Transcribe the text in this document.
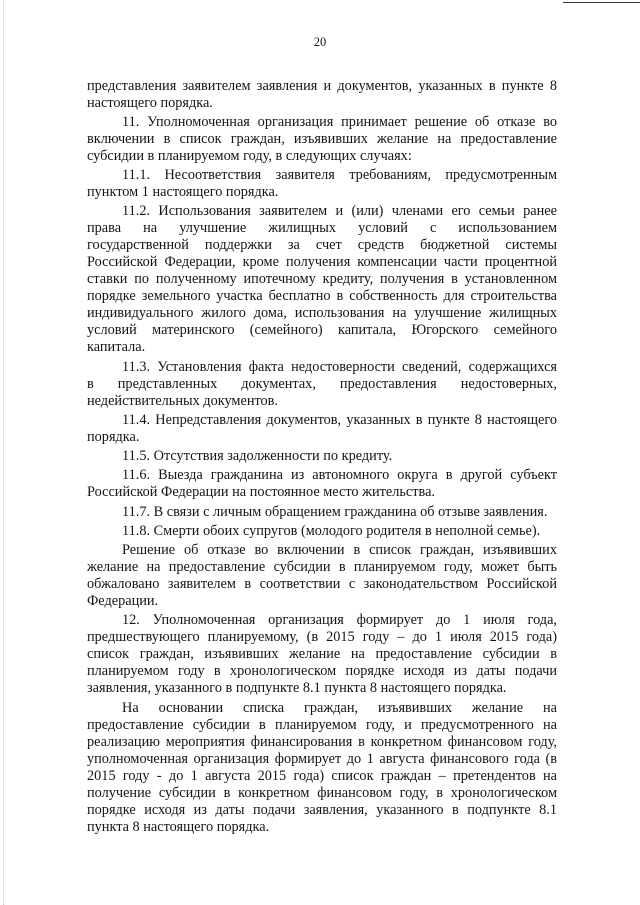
20
представления заявителем заявления и документов, указанных в пункте 8
настоящего порядка.
11. Уполномоченная организация принимает решение об отказе во
включении в список граждан, изъявивших желание на предоставление
субсидии в планируемом году, в следующих случаях:
11.1. Несоответствия заявителя требованиям, предусмотренным
пунктом 1 настоящего порядка.
11.2. Использования заявителем и (или) членами его семьи ранее
права на улучшение жилищных условий с использованием
государственной поддержки за счет средств бюджетной системы
Российской Федерации, кроме получения компенсации части процентной
ставки по полученному ипотечному кредиту, получения в установленном
порядке земельного участка бесплатно в собственность для строительства
индивидуального жилого дома, использования на улучшение жилищных
условий материнского (семейного) капитала, Югорского семейного
капитала.
11.3. Установления факта недостоверности сведений, содержащихся
в представленных документах, предоставления недостоверных,
недействительных документов.
11.4. Непредставления документов, указанных в пункте 8 настоящего
порядка.
11.5. Отсутствия задолженности по кредиту.
11.6. Выезда гражданина из автономного округа в другой субъект
Российской Федерации на постоянное место жительства.
11.7. В связи с личным обращением гражданина об отзыве заявления.
11.8. Смерти обоих супругов (молодого родителя в неполной семье).
Решение об отказе во включении в список граждан, изъявивших
желание на предоставление субсидии в планируемом году, может быть
обжаловано заявителем в соответствии с законодательством Российской
Федерации.
12. Уполномоченная организация формирует до 1 июля года,
предшествующего планируемому, (в 2015 году – до 1 июля 2015 года)
список граждан, изъявивших желание на предоставление субсидии в
планируемом году в хронологическом порядке исходя из даты подачи
заявления, указанного в подпункте 8.1 пункта 8 настоящего порядка.
На основании списка граждан, изъявивших желание на
предоставление субсидии в планируемом году, и предусмотренного на
реализацию мероприятия финансирования в конкретном финансовом году,
уполномоченная организация формирует до 1 августа финансового года (в
2015 году - до 1 августа 2015 года) список граждан – претендентов на
получение субсидии в конкретном финансовом году, в хронологическом
порядке исходя из даты подачи заявления, указанного в подпункте 8.1
пункта 8 настоящего порядка.
